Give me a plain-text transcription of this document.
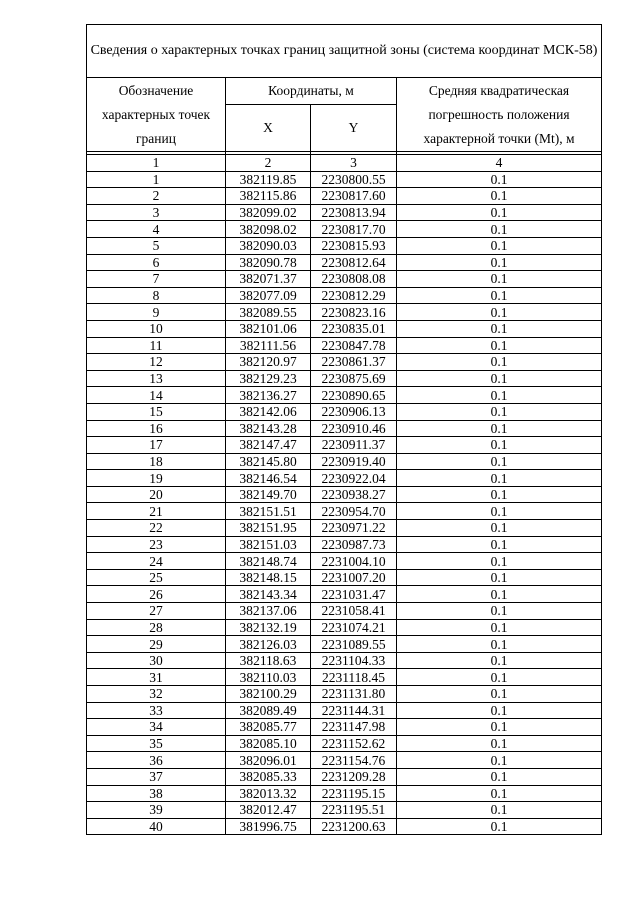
Сведения о характерных точках границ защитной зоны (система координат МСК-58)			
Обозначение характерных точек границ	Координаты, м		Средняя квадратическая погрешность положения характерной точки (Mt), м
	X	Y	

1	2	3	4
1	382119.85	2230800.55	0.1
2	382115.86	2230817.60	0.1
3	382099.02	2230813.94	0.1
4	382098.02	2230817.70	0.1
5	382090.03	2230815.93	0.1
6	382090.78	2230812.64	0.1
7	382071.37	2230808.08	0.1
8	382077.09	2230812.29	0.1
9	382089.55	2230823.16	0.1
10	382101.06	2230835.01	0.1
11	382111.56	2230847.78	0.1
12	382120.97	2230861.37	0.1
13	382129.23	2230875.69	0.1
14	382136.27	2230890.65	0.1
15	382142.06	2230906.13	0.1
16	382143.28	2230910.46	0.1
17	382147.47	2230911.37	0.1
18	382145.80	2230919.40	0.1
19	382146.54	2230922.04	0.1
20	382149.70	2230938.27	0.1
21	382151.51	2230954.70	0.1
22	382151.95	2230971.22	0.1
23	382151.03	2230987.73	0.1
24	382148.74	2231004.10	0.1
25	382148.15	2231007.20	0.1
26	382143.34	2231031.47	0.1
27	382137.06	2231058.41	0.1
28	382132.19	2231074.21	0.1
29	382126.03	2231089.55	0.1
30	382118.63	2231104.33	0.1
31	382110.03	2231118.45	0.1
32	382100.29	2231131.80	0.1
33	382089.49	2231144.31	0.1
34	382085.77	2231147.98	0.1
35	382085.10	2231152.62	0.1
36	382096.01	2231154.76	0.1
37	382085.33	2231209.28	0.1
38	382013.32	2231195.15	0.1
39	382012.47	2231195.51	0.1
40	381996.75	2231200.63	0.1
